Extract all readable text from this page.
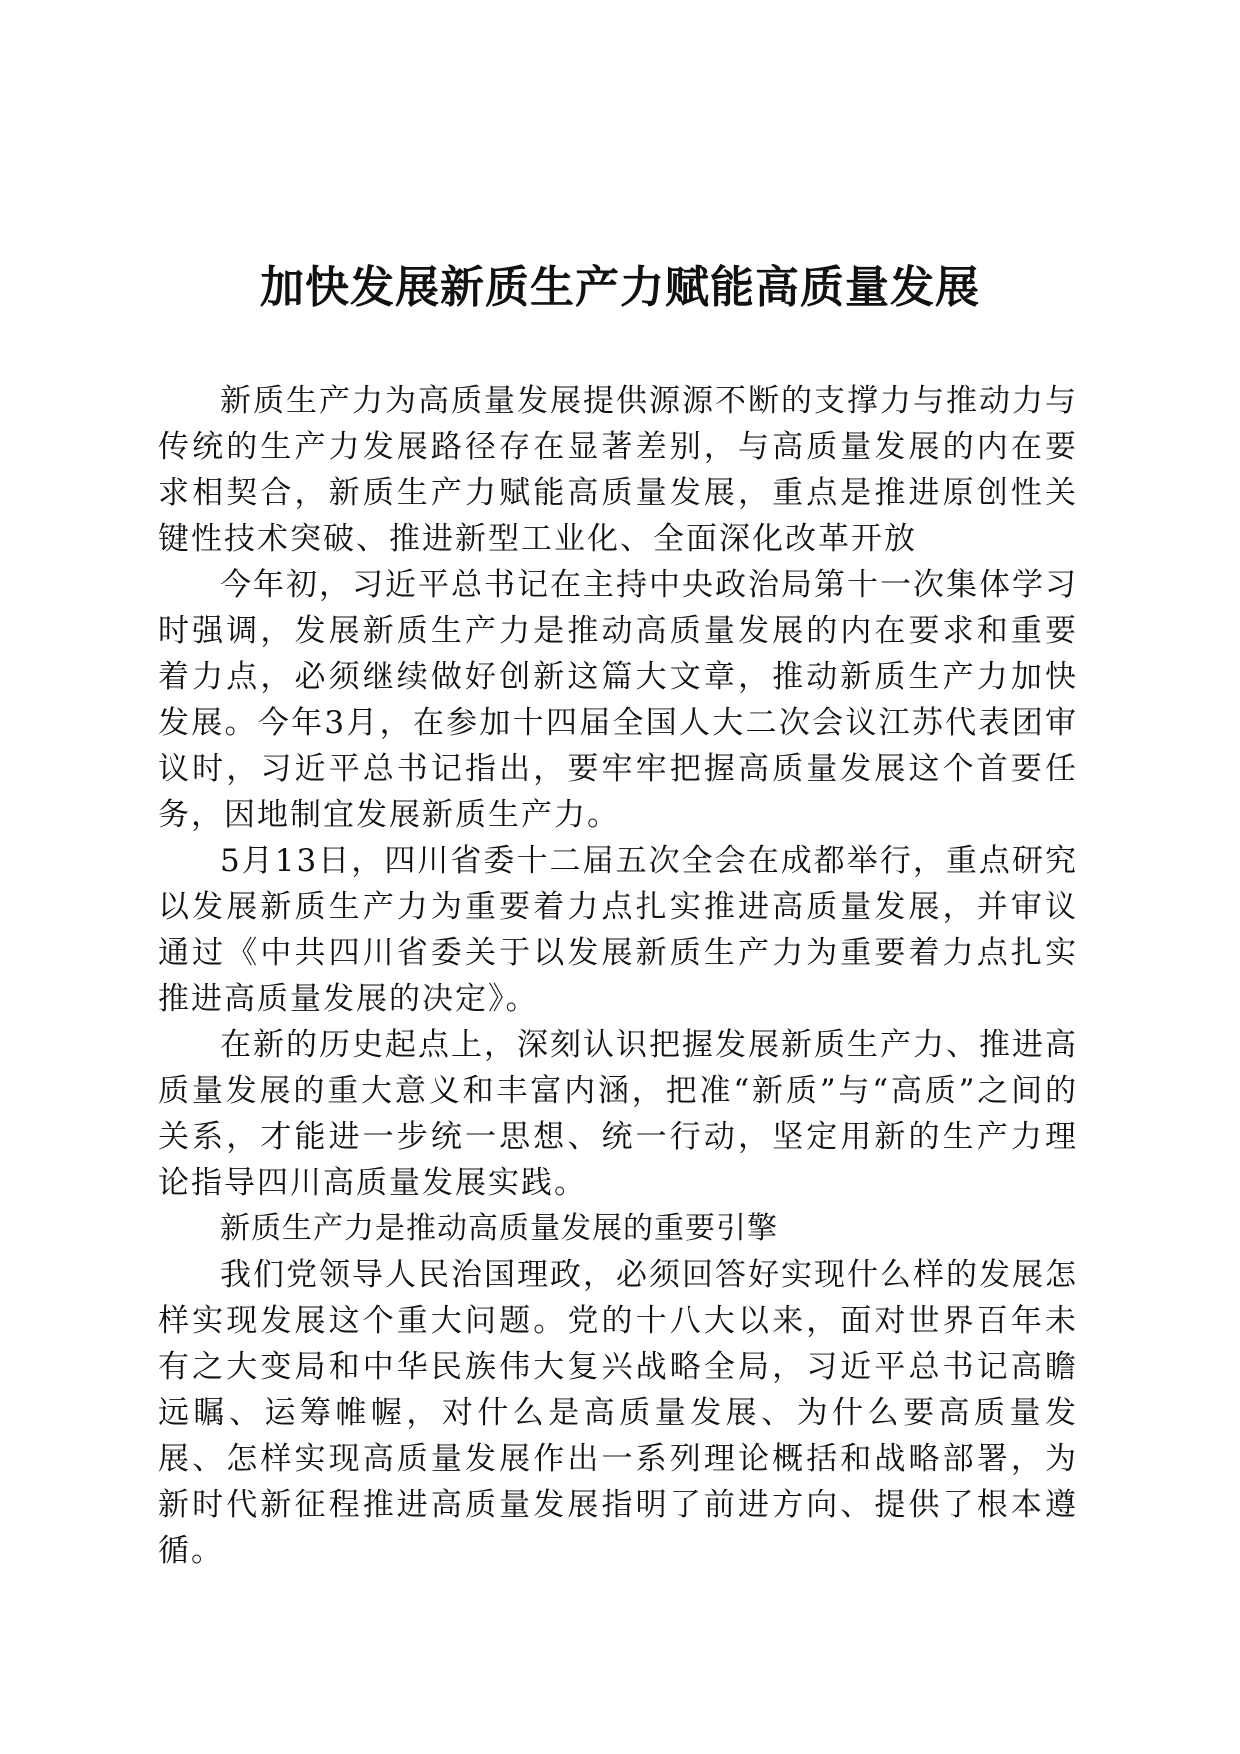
加快发展新质生产力赋能高质量发展

新质生产力为高质量发展提供源源不断的支撑力与推动力与传统的生产力发展路径存在显著差别，与高质量发展的内在要求相契合，新质生产力赋能高质量发展，重点是推进原创性关键性技术突破、推进新型工业化、全面深化改革开放

今年初，习近平总书记在主持中央政治局第十一次集体学习时强调，发展新质生产力是推动高质量发展的内在要求和重要着力点，必须继续做好创新这篇大文章，推动新质生产力加快发展。今年3月，在参加十四届全国人大二次会议江苏代表团审议时，习近平总书记指出，要牢牢把握高质量发展这个首要任务，因地制宜发展新质生产力。

5月13日，四川省委十二届五次全会在成都举行，重点研究以发展新质生产力为重要着力点扎实推进高质量发展，并审议通过《中共四川省委关于以发展新质生产力为重要着力点扎实推进高质量发展的决定》。

在新的历史起点上，深刻认识把握发展新质生产力、推进高质量发展的重大意义和丰富内涵，把准“新质”与“高质”之间的关系，才能进一步统一思想、统一行动，坚定用新的生产力理论指导四川高质量发展实践。

新质生产力是推动高质量发展的重要引擎

我们党领导人民治国理政，必须回答好实现什么样的发展怎样实现发展这个重大问题。党的十八大以来，面对世界百年未有之大变局和中华民族伟大复兴战略全局，习近平总书记高瞻远瞩、运筹帷幄，对什么是高质量发展、为什么要高质量发展、怎样实现高质量发展作出一系列理论概括和战略部署，为新时代新征程推进高质量发展指明了前进方向、提供了根本遵循。
